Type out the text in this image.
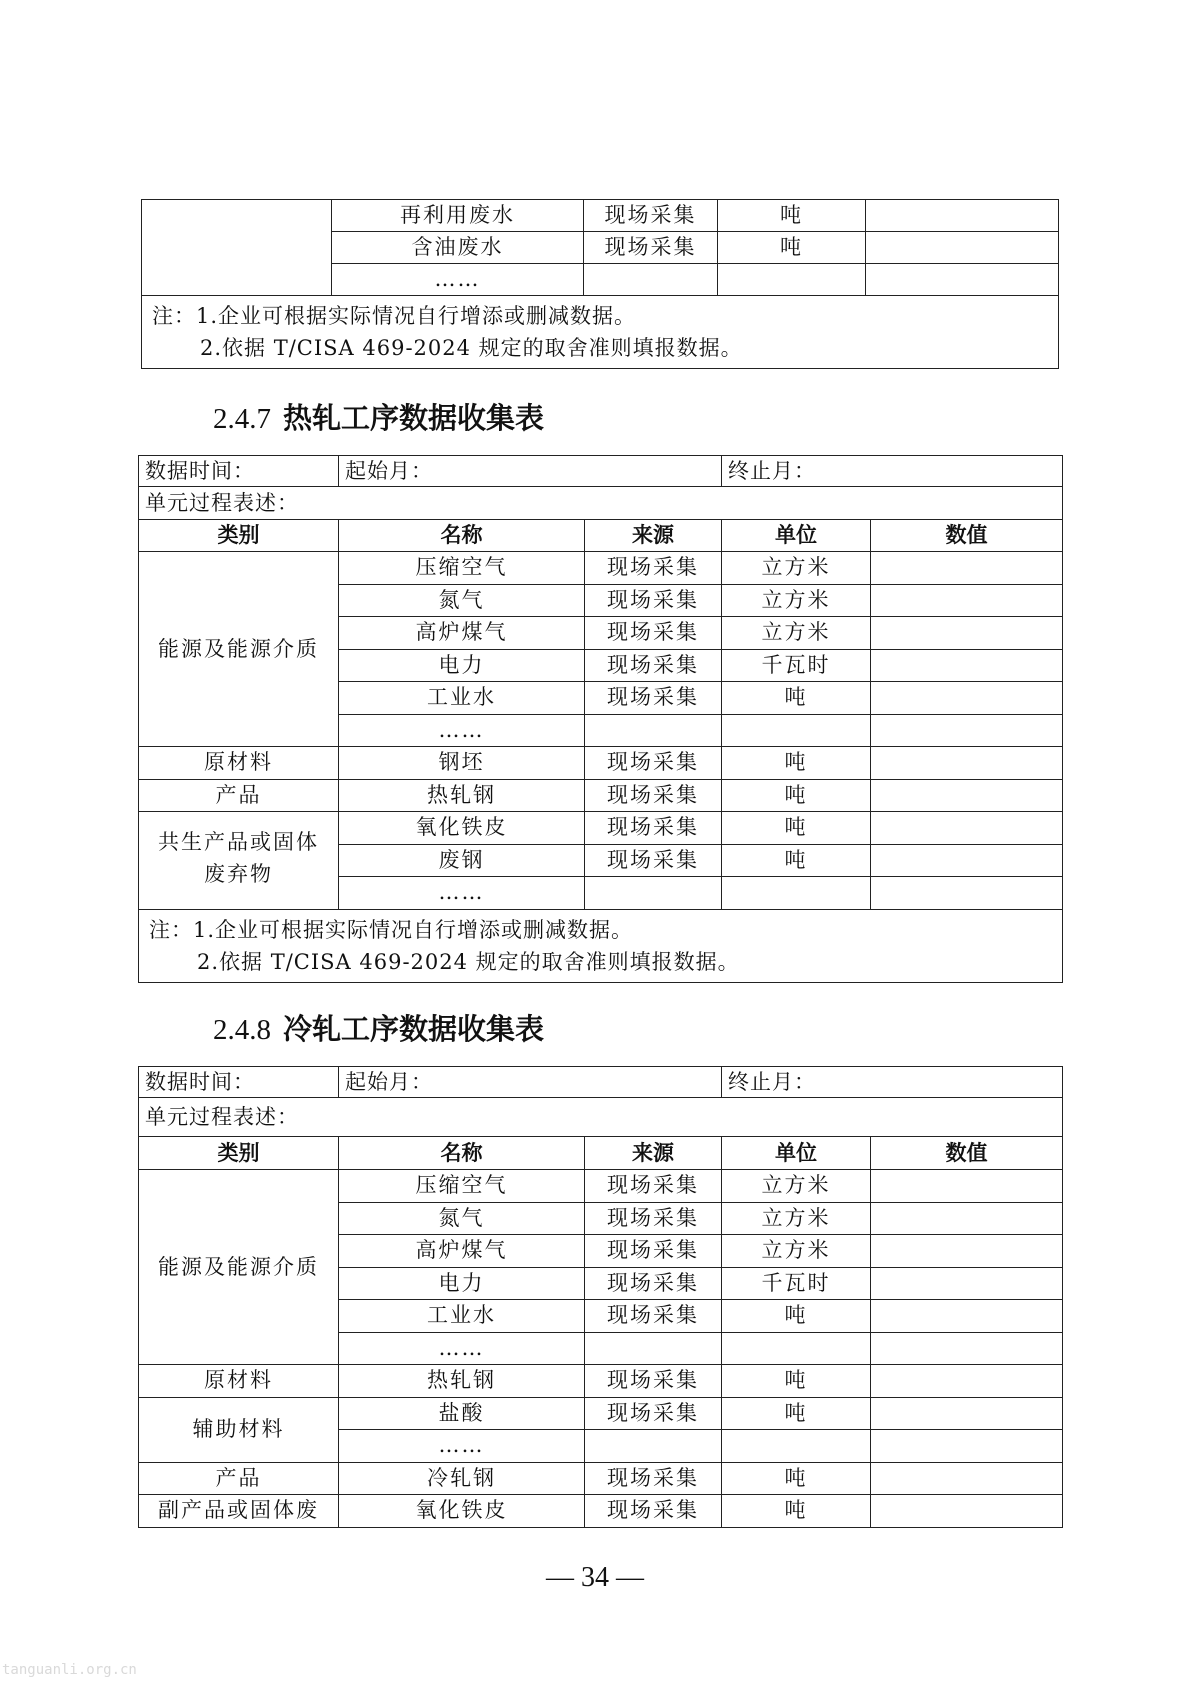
	再利用废水	现场采集	吨	
	含油废水	现场采集	吨	
	……			

注：1.企业可根据实际情况自行增添或删减数据。
2.依据 T/CISA 469-2024 规定的取舍准则填报数据。				
2.4.7 热轧工序数据收集表
数据时间：	起始月：		终止月：	
单元过程表述：				
类别	名称	来源	单位	数值
能源及能源介质	压缩空气	现场采集	立方米	
	氮气	现场采集	立方米	
	高炉煤气	现场采集	立方米	
	电力	现场采集	千瓦时	
	工业水	现场采集	吨	
	……			
原材料	钢坯	现场采集	吨	
产品	热轧钢	现场采集	吨	

共生产品或固体
废弃物	氧化铁皮	现场采集	吨	
	废钢	现场采集	吨	
	……			

注：1.企业可根据实际情况自行增添或删减数据。
2.依据 T/CISA 469-2024 规定的取舍准则填报数据。				
2.4.8 冷轧工序数据收集表
数据时间：	起始月：		终止月：	
单元过程表述：				
类别	名称	来源	单位	数值
能源及能源介质	压缩空气	现场采集	立方米	
	氮气	现场采集	立方米	
	高炉煤气	现场采集	立方米	
	电力	现场采集	千瓦时	
	工业水	现场采集	吨	
	……			
原材料	热轧钢	现场采集	吨	
辅助材料	盐酸	现场采集	吨	
	……			
产品	冷轧钢	现场采集	吨	
副产品或固体废	氧化铁皮	现场采集	吨	
— 34 —
tanguanli.org.cn
